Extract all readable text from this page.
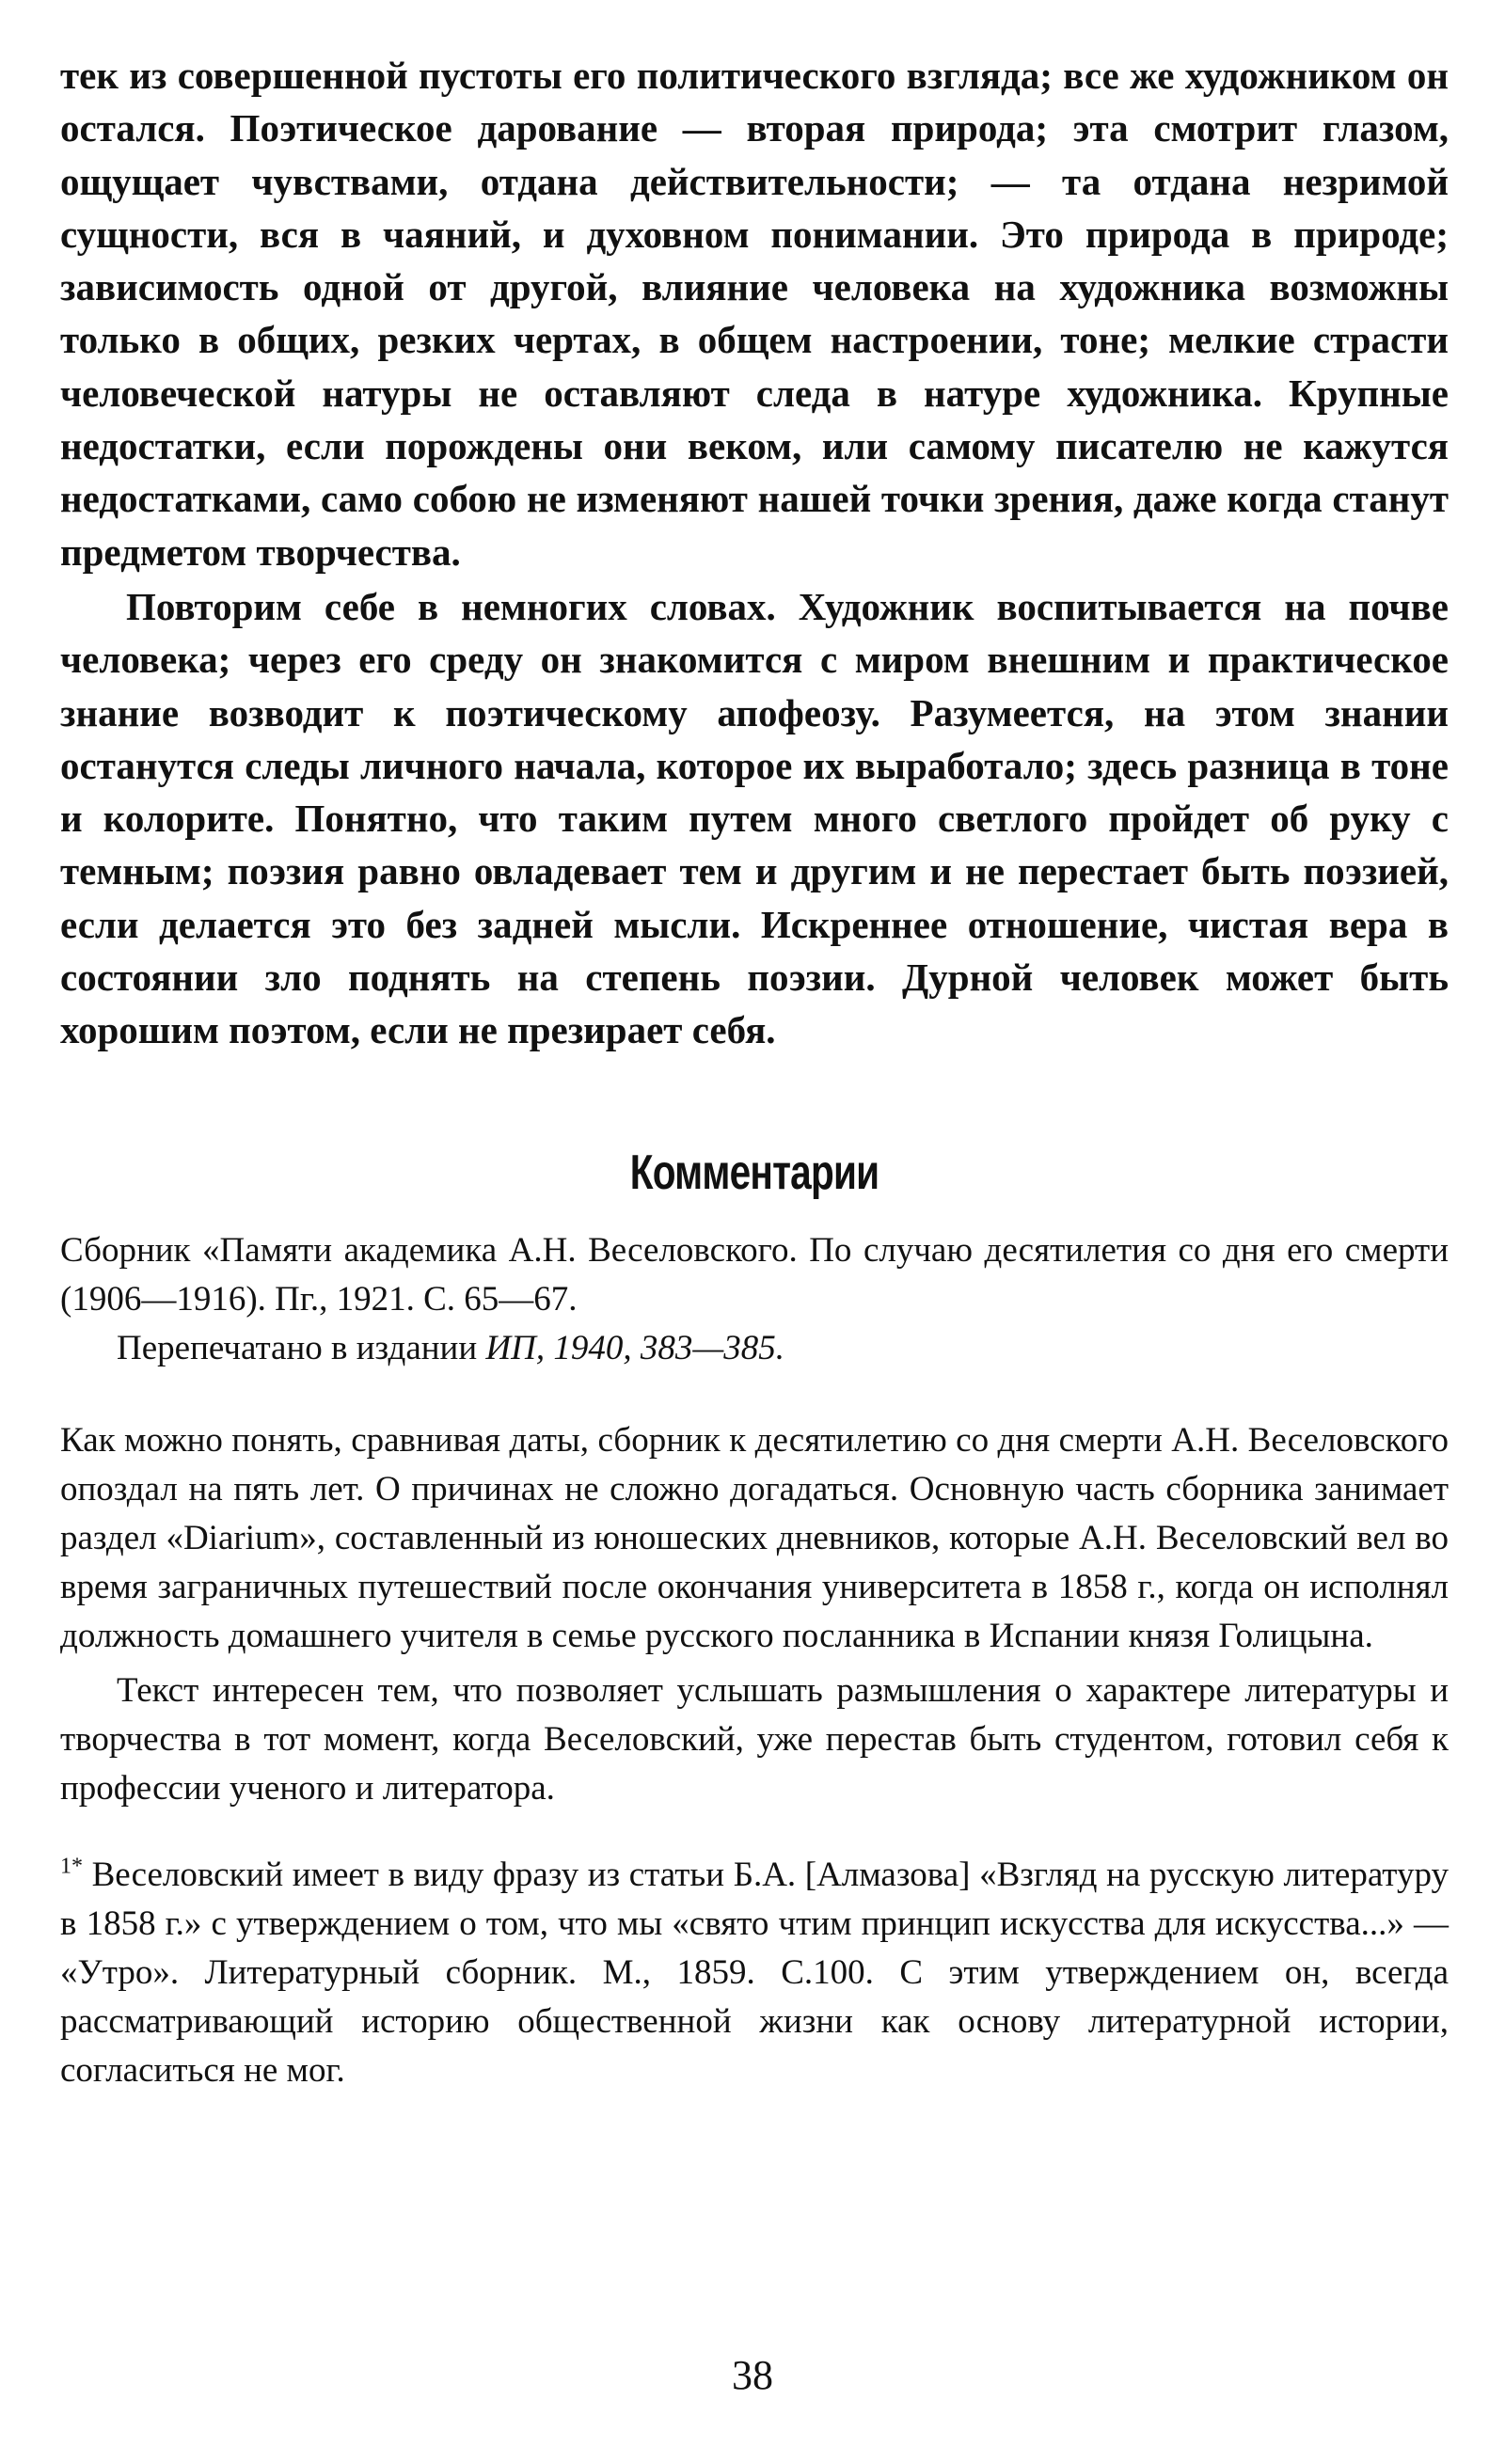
тек из совершенной пустоты его политического взгляда; все же художником он остался. Поэтическое дарование — вторая природа; эта смотрит глазом, ощущает чувствами, отдана действительности; — та отдана незримой сущности, вся в чаяний, и духовном понимании. Это природа в природе; зависимость одной от другой, влияние человека на художника возможны только в общих, резких чертах, в общем настроении, тоне; мелкие страсти человеческой натуры не оставляют следа в натуре художника. Крупные недостатки, если порождены они веком, или самому писателю не кажутся недостатками, само собою не изменяют нашей точки зрения, даже когда станут предметом творчества.

Повторим себе в немногих словах. Художник воспитывается на почве человека; через его среду он знакомится с миром внешним и практическое знание возводит к поэтическому апофеозу. Разумеется, на этом знании останутся следы личного начала, которое их выработало; здесь разница в тоне и колорите. Понятно, что таким путем много светлого пройдет об руку с темным; поэзия равно овладевает тем и другим и не перестает быть поэзией, если делается это без задней мысли. Искреннее отношение, чистая вера в состоянии зло поднять на степень поэзии. Дурной человек может быть хорошим поэтом, если не презирает себя.

Комментарии

Сборник «Памяти академика А.Н. Веселовского. По случаю десятилетия со дня его смерти (1906—1916). Пг., 1921. С. 65—67.

Перепечатано в издании ИП, 1940, 383—385.

Как можно понять, сравнивая даты, сборник к десятилетию со дня смерти А.Н. Веселовского опоздал на пять лет. О причинах не сложно догадаться. Основную часть сборника занимает раздел «Diarium», составленный из юношеских дневников, которые А.Н. Веселовский вел во время заграничных путешествий после окончания университета в 1858 г., когда он исполнял должность домашнего учителя в семье русского посланника в Испании князя Голицына.

Текст интересен тем, что позволяет услышать размышления о характере литературы и творчества в тот момент, когда Веселовский, уже перестав быть студентом, готовил себя к профессии ученого и литератора.

$^{1*}$ Веселовский имеет в виду фразу из статьи Б.А. [Алмазова] «Взгляд на русскую литературу в 1858 г.» с утверждением о том, что мы «свято чтим принцип искусства для искусства...» — «Утро». Литературный сборник. М., 1859. С.100. С этим утверждением он, всегда рассматривающий историю общественной жизни как основу литературной истории, согласиться не мог.

38
